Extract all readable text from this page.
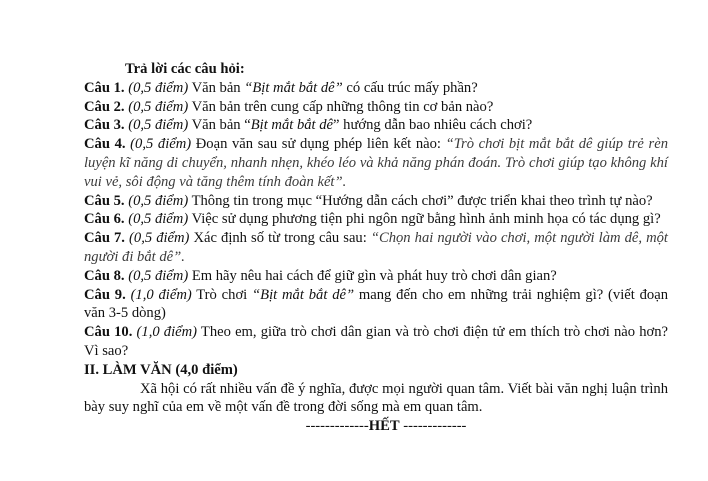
Trả lời các câu hỏi:

Câu 1. (0,5 điểm) Văn bản “Bịt mắt bắt dê” có cấu trúc mấy phần?

Câu 2. (0,5 điểm) Văn bản trên cung cấp những thông tin cơ bản nào?

Câu 3. (0,5 điểm) Văn bản “Bịt mắt bắt dê” hướng dẫn bao nhiêu cách chơi?

Câu 4. (0,5 điểm) Đoạn văn sau sử dụng phép liên kết nào: “Trò chơi bịt mắt bắt dê giúp trẻ rèn luyện kĩ năng di chuyển, nhanh nhẹn, khéo léo và khả năng phán đoán. Trò chơi giúp tạo không khí vui vẻ, sôi động và tăng thêm tính đoàn kết”.

Câu 5. (0,5 điểm) Thông tin trong mục “Hướng dẫn cách chơi” được triển khai theo trình tự nào?

Câu 6. (0,5 điểm) Việc sử dụng phương tiện phi ngôn ngữ bằng hình ảnh minh họa có tác dụng gì?

Câu 7. (0,5 điểm) Xác định số từ trong câu sau: “Chọn hai người vào chơi, một người làm dê, một người đi bắt dê”.

Câu 8. (0,5 điểm) Em hãy nêu hai cách để giữ gìn và phát huy trò chơi dân gian?

Câu 9. (1,0 điểm) Trò chơi “Bịt mắt bắt dê” mang đến cho em những trải nghiệm gì? (viết đoạn văn 3-5 dòng)

Câu 10. (1,0 điểm) Theo em, giữa trò chơi dân gian và trò chơi điện tử em thích trò chơi nào hơn? Vì sao?

II. LÀM VĂN (4,0 điểm)

Xã hội có rất nhiều vấn đề ý nghĩa, được mọi người quan tâm. Viết bài văn nghị luận trình bày suy nghĩ của em về một vấn đề trong đời sống mà em quan tâm.

-------------HẾT -------------
